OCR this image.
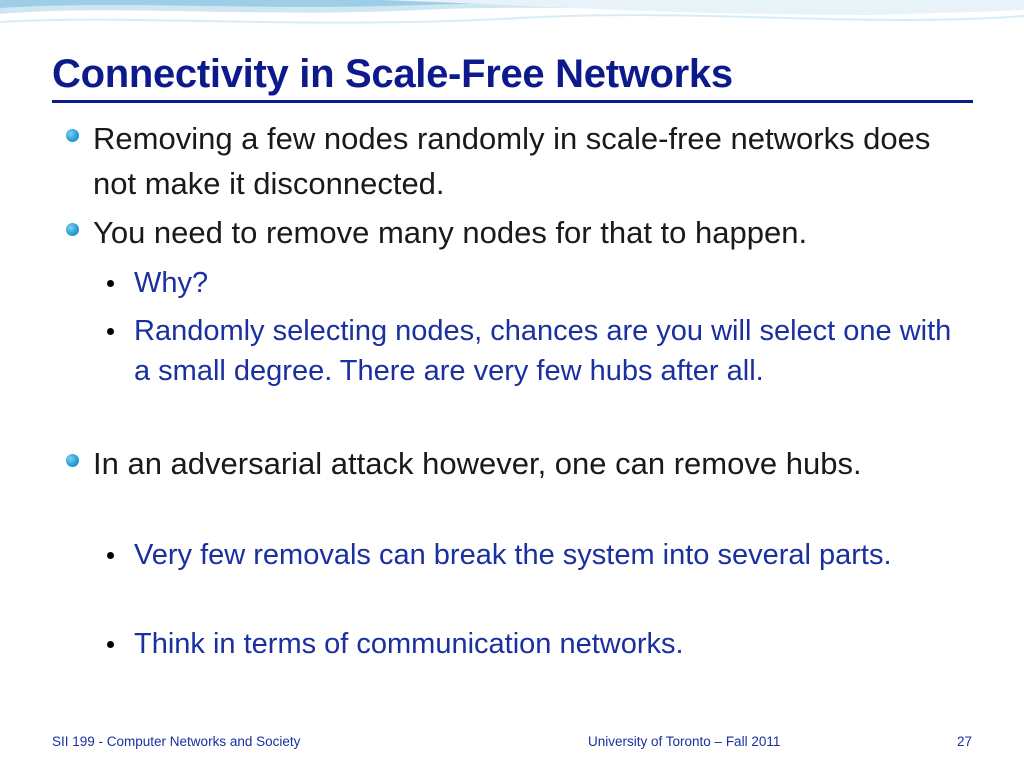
Connectivity in Scale-Free Networks
Removing a few nodes randomly in scale-free networks does not make it disconnected.
You need to remove many nodes for that to happen.
Why?
Randomly selecting nodes, chances are you will select one with a small degree. There are very few hubs after all.
In an adversarial attack however, one can remove hubs.
Very few removals can break the system into several parts.
Think in terms of communication networks.
SII 199 - Computer Networks and Society	University of Toronto – Fall 2011	27
